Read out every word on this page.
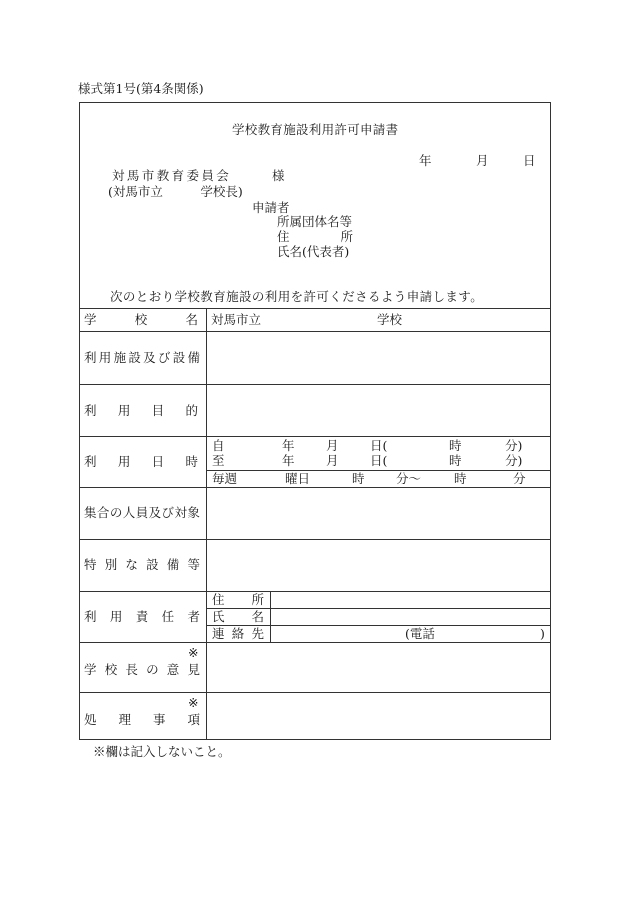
様式第1号(第4条関係)
学校教育施設利用許可申請書
年	月	日
対馬市教育委員会	様
(対馬市立　　　学校長)
申請者
所属団体名等
住	所
氏名(代表者)
次のとおり学校教育施設の利用を許可くださるよう申請します。
学	校	名 対馬市立	学校
利 用 施 設 及 び 設 備
利 用 目 的
利 用 日 時
自	年	月	日(	時	分)
至	年	月	日(	時	分)
毎週	曜日	時	分〜	時	分
集 合 の 人 員 及 び 対 象
特 別 な 設 備 等
利 用 責 任 者
住 所
氏 名
連 絡 先	(電話	)
※
学 校 長 の 意 見
※
処 理 事 項
※欄は記入しないこと。
